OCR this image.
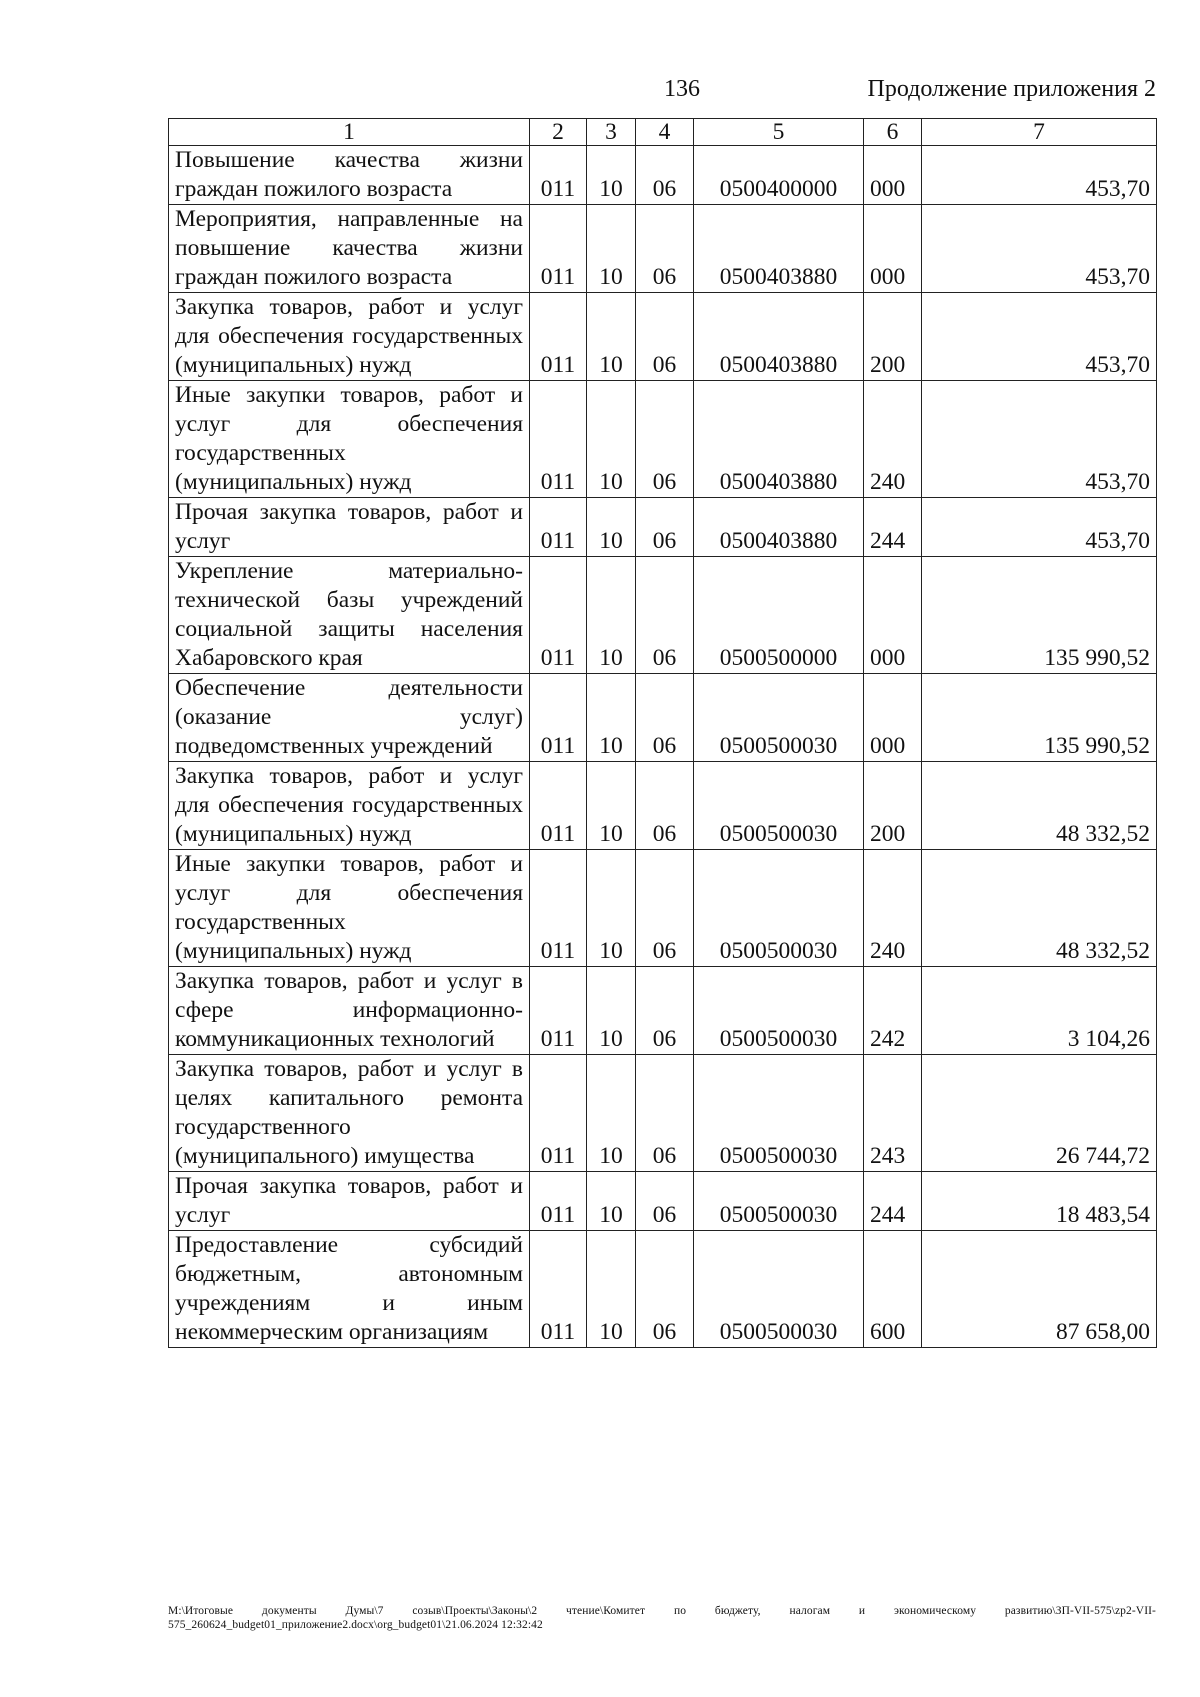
136	Продолжение приложения 2
1	2	3	4	5	6	7
Повышение качества жизни граждан пожилого возраста	011	10	06	0500400000	000	453,70
Мероприятия, направленные на повышение качества жизни граждан пожилого возраста	011	10	06	0500403880	000	453,70
Закупка товаров, работ и услуг для обеспечения государственных (муниципальных) нужд	011	10	06	0500403880	200	453,70
Иные закупки товаров, работ и услуг для обеспечения государственных (муниципальных) нужд	011	10	06	0500403880	240	453,70
Прочая закупка товаров, работ и услуг	011	10	06	0500403880	244	453,70
Укрепление материально-технической базы учреждений социальной защиты населения Хабаровского края	011	10	06	0500500000	000	135 990,52
Обеспечение деятельности (оказание услуг) подведомственных учреждений	011	10	06	0500500030	000	135 990,52
Закупка товаров, работ и услуг для обеспечения государственных (муниципальных) нужд	011	10	06	0500500030	200	48 332,52
Иные закупки товаров, работ и услуг для обеспечения государственных (муниципальных) нужд	011	10	06	0500500030	240	48 332,52
Закупка товаров, работ и услуг в сфере информационно-коммуникационных технологий	011	10	06	0500500030	242	3 104,26
Закупка товаров, работ и услуг в целях капитального ремонта государственного (муниципального) имущества	011	10	06	0500500030	243	26 744,72
Прочая закупка товаров, работ и услуг	011	10	06	0500500030	244	18 483,54
Предоставление субсидий бюджетным, автономным учреждениям и иным некоммерческим организациям	011	10	06	0500500030	600	87 658,00
M:\Итоговые документы Думы\7 созыв\Проекты\Законы\2 чтение\Комитет по бюджету, налогам и экономическому развитию\ЗП-VII-575\zp2-VII-575_260624_budget01_приложение2.docx\org_budget01\21.06.2024 12:32:42
